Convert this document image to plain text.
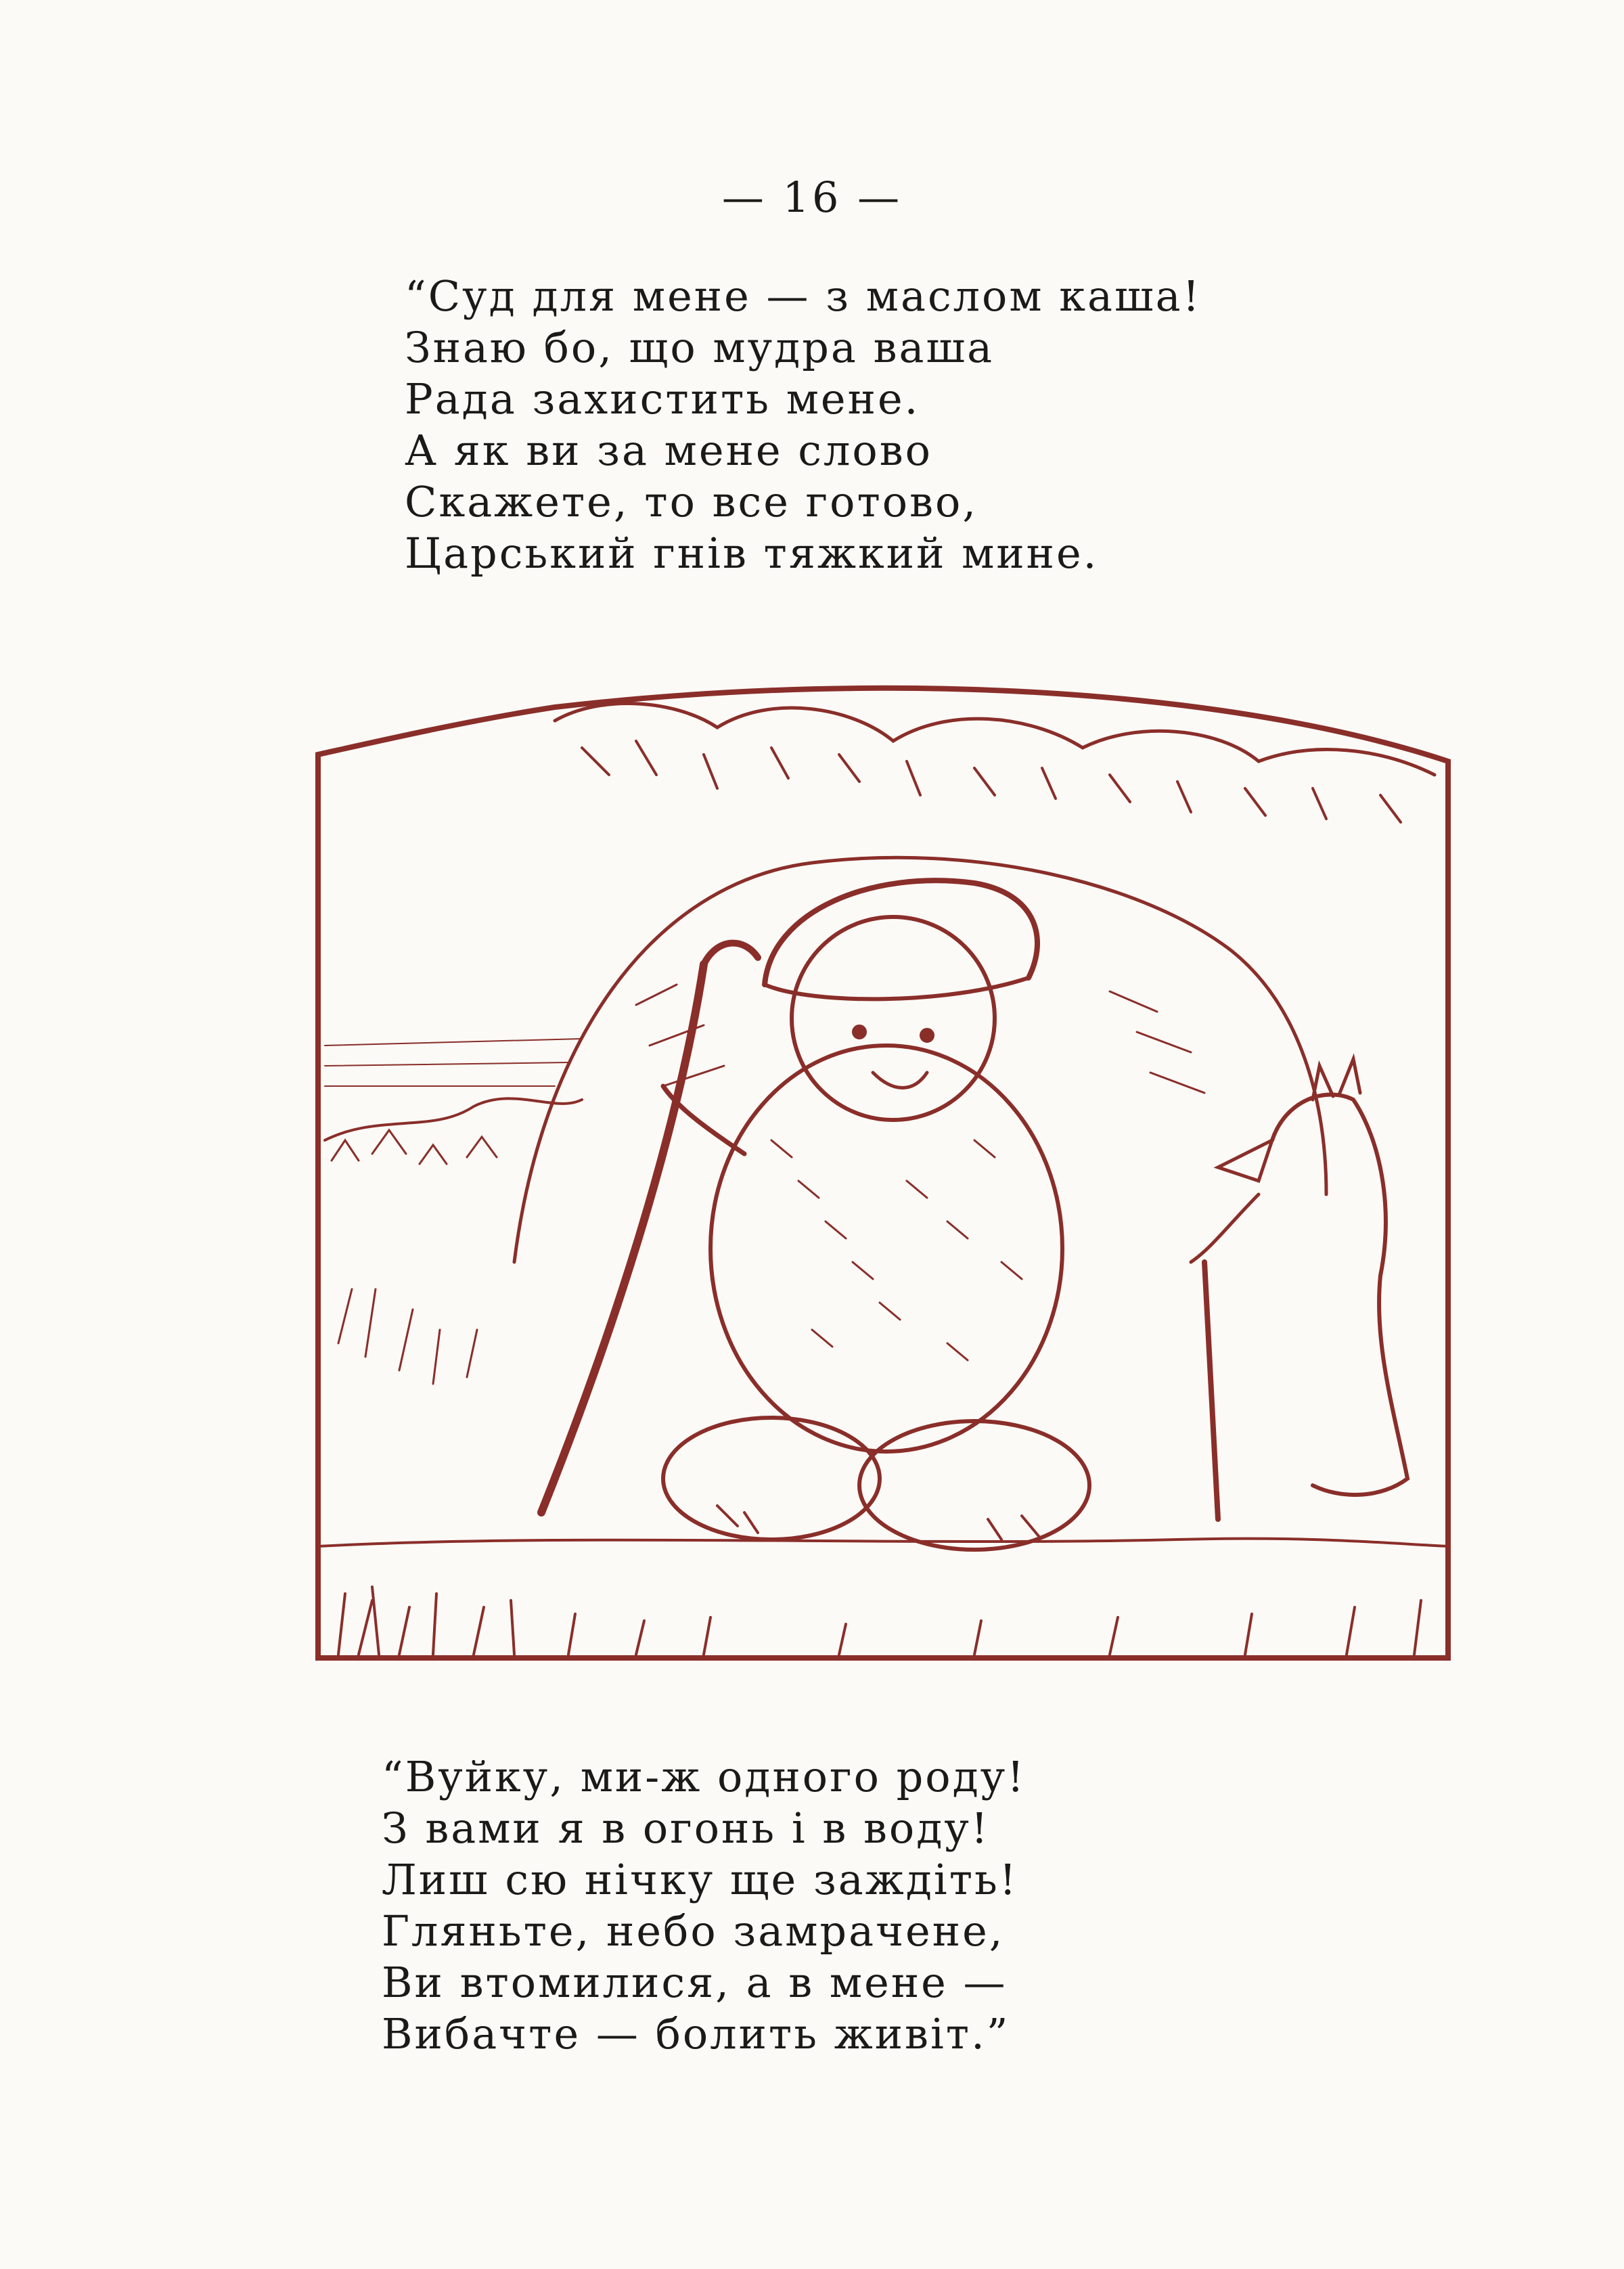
— 16 —
“Суд для мене — з маслом каша!
Знаю бо, що мудра ваша
Рада захистить мене.
А як ви за мене слово
Скажете, то все готово,
Царський гнів тяжкий мине.
“Вуйку, ми-ж одного роду!
З вами я в огонь і в воду!
Лиш сю нічку ще заждіть!
Гляньте, небо замрачене,
Ви втомилися, а в мене —
Вибачте — болить живіт.”
